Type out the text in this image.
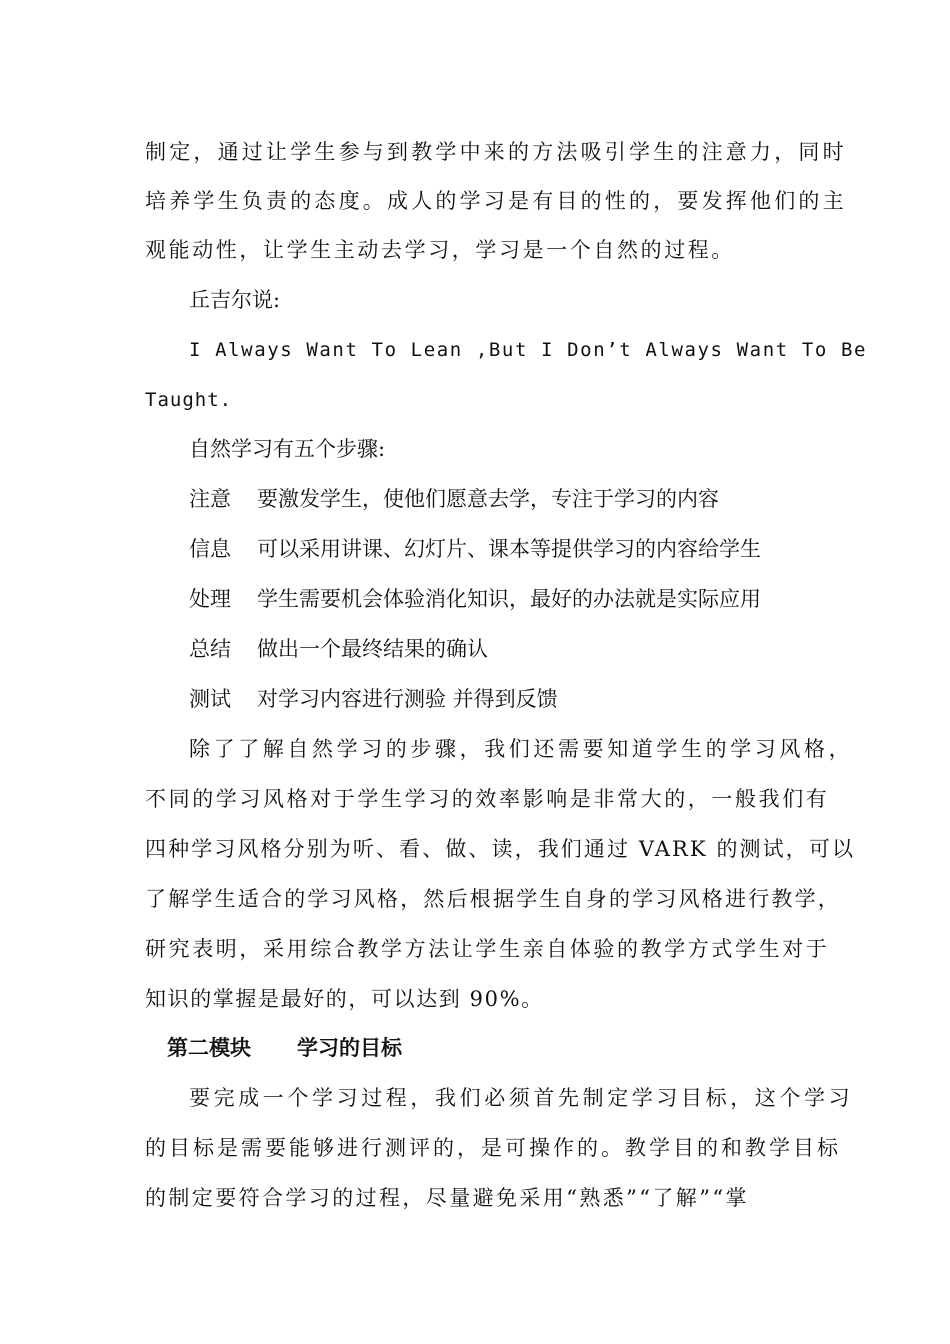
制定，通过让学生参与到教学中来的方法吸引学生的注意力，同时
培养学生负责的态度。成人的学习是有目的性的，要发挥他们的主
观能动性，让学生主动去学习，学习是一个自然的过程。
丘吉尔说:
I Always Want To Lean ,But I Don’t Always Want To Be
Taught.
自然学习有五个步骤:
注意 要激发学生，使他们愿意去学，专注于学习的内容
信息 可以采用讲课、幻灯片、课本等提供学习的内容给学生
处理 学生需要机会体验消化知识，最好的办法就是实际应用
总结 做出一个最终结果的确认
测试 对学习内容进行测验 并得到反馈
除了了解自然学习的步骤，我们还需要知道学生的学习风格，
不同的学习风格对于学生学习的效率影响是非常大的，一般我们有
四种学习风格分别为听、看、做、读，我们通过 VARK 的测试，可以
了解学生适合的学习风格，然后根据学生自身的学习风格进行教学，
研究表明，采用综合教学方法让学生亲自体验的教学方式学生对于
知识的掌握是最好的，可以达到 90%。
第二模块 学习的目标
要完成一个学习过程，我们必须首先制定学习目标，这个学习
的目标是需要能够进行测评的，是可操作的。教学目的和教学目标
的制定要符合学习的过程，尽量避免采用“熟悉”“了解”“掌
